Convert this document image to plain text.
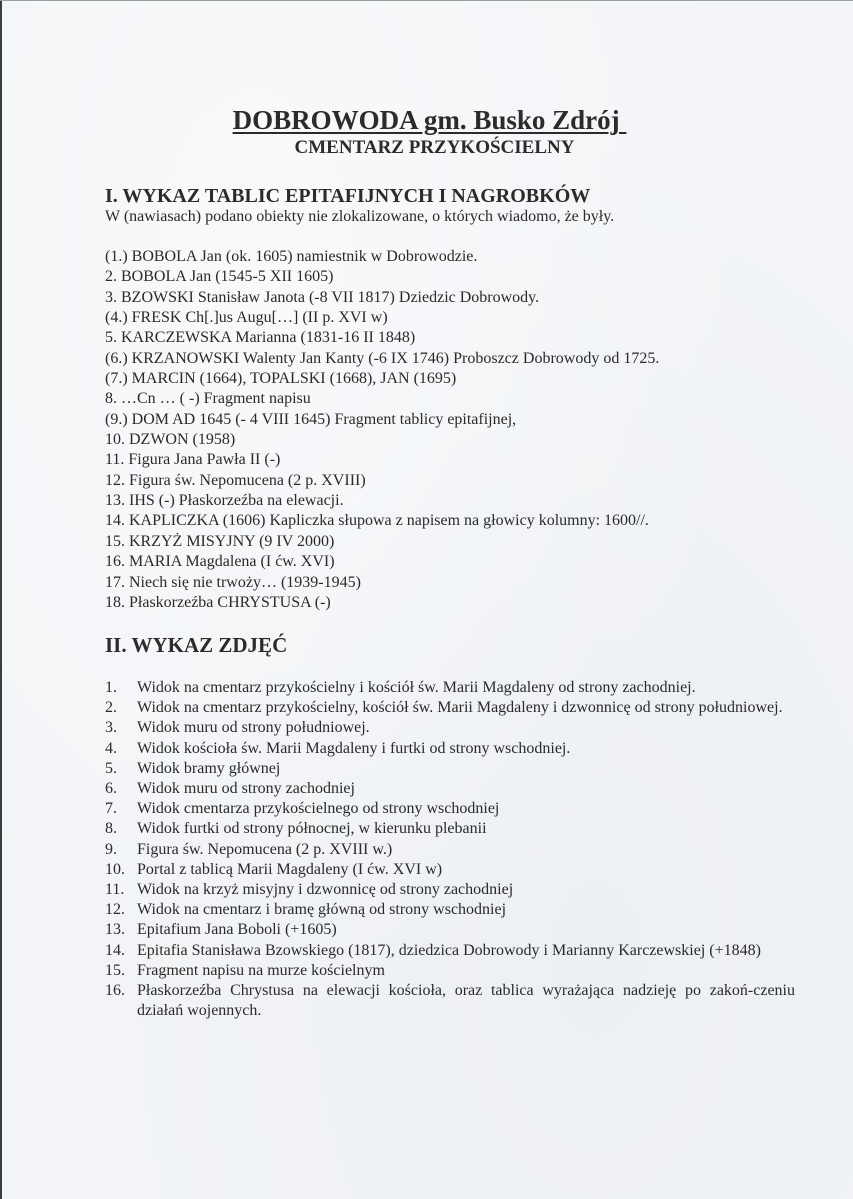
DOBROWODA gm. Busko Zdrój
CMENTARZ PRZYKOŚCIELNY
I. WYKAZ TABLIC EPITAFIJNYCH I NAGROBKÓW
W (nawiasach) podano obiekty nie zlokalizowane, o których wiadomo, że były.
(1.) BOBOLA Jan (ok. 1605) namiestnik w Dobrowodzie.
2. BOBOLA Jan (1545-5 XII 1605)
3. BZOWSKI Stanisław Janota (-8 VII 1817) Dziedzic Dobrowody.
(4.) FRESK Ch[.]us Augu[…] (II p. XVI w)
5. KARCZEWSKA Marianna (1831-16 II 1848)
(6.) KRZANOWSKI Walenty Jan Kanty (-6 IX 1746) Proboszcz Dobrowody od 1725.
(7.) MARCIN (1664), TOPALSKI (1668), JAN (1695)
8. …Cn … ( -) Fragment napisu
(9.) DOM AD 1645 (- 4 VIII 1645) Fragment tablicy epitafijnej,
10. DZWON (1958)
11. Figura Jana Pawła II (-)
12. Figura św. Nepomucena (2 p. XVIII)
13. IHS (-) Płaskorzeźba na elewacji. W
14. KAPLICZKA (1606) Kapliczka słupowa z napisem na głowicy kolumny: 1600//.
15. KRZYŻ MISYJNY (9 IV 2000)
16. MARIA Magdalena (I ćw. XVI)
17. Niech się nie trwoży… (1939-1945)
18. Płaskorzeźba CHRYSTUSA (-)
II. WYKAZ ZDJĘĆ
1.	Widok na cmentarz przykościelny i kościół św. Marii Magdaleny od strony zachodniej.
2.	Widok na cmentarz przykościelny, kościół św. Marii Magdaleny i dzwonnicę od strony południowej.
3.	Widok muru od strony południowej.
4.	Widok kościoła św. Marii Magdaleny i furtki od strony wschodniej.
5.	Widok bramy głównej
6.	Widok muru od strony zachodniej
7.	Widok cmentarza przykościelnego od strony wschodniej
8.	Widok furtki od strony północnej, w kierunku plebanii
9.	Figura św. Nepomucena (2 p. XVIII w.)
10. Portal z tablicą Marii Magdaleny (I ćw. XVI w)
11. Widok na krzyż misyjny i dzwonnicę od strony zachodniej
12. Widok na cmentarz i bramę główną od strony wschodniej
13. Epitafium Jana Boboli (+1605)
14. Epitafia Stanisława Bzowskiego (1817), dziedzica Dobrowody i Marianny Karczewskiej (+1848)
15. Fragment napisu na murze kościelnym
16. Płaskorzeźba Chrystusa na elewacji kościoła, oraz tablica wyrażająca nadzieję po zakoń-czeniu działań wojennych.
